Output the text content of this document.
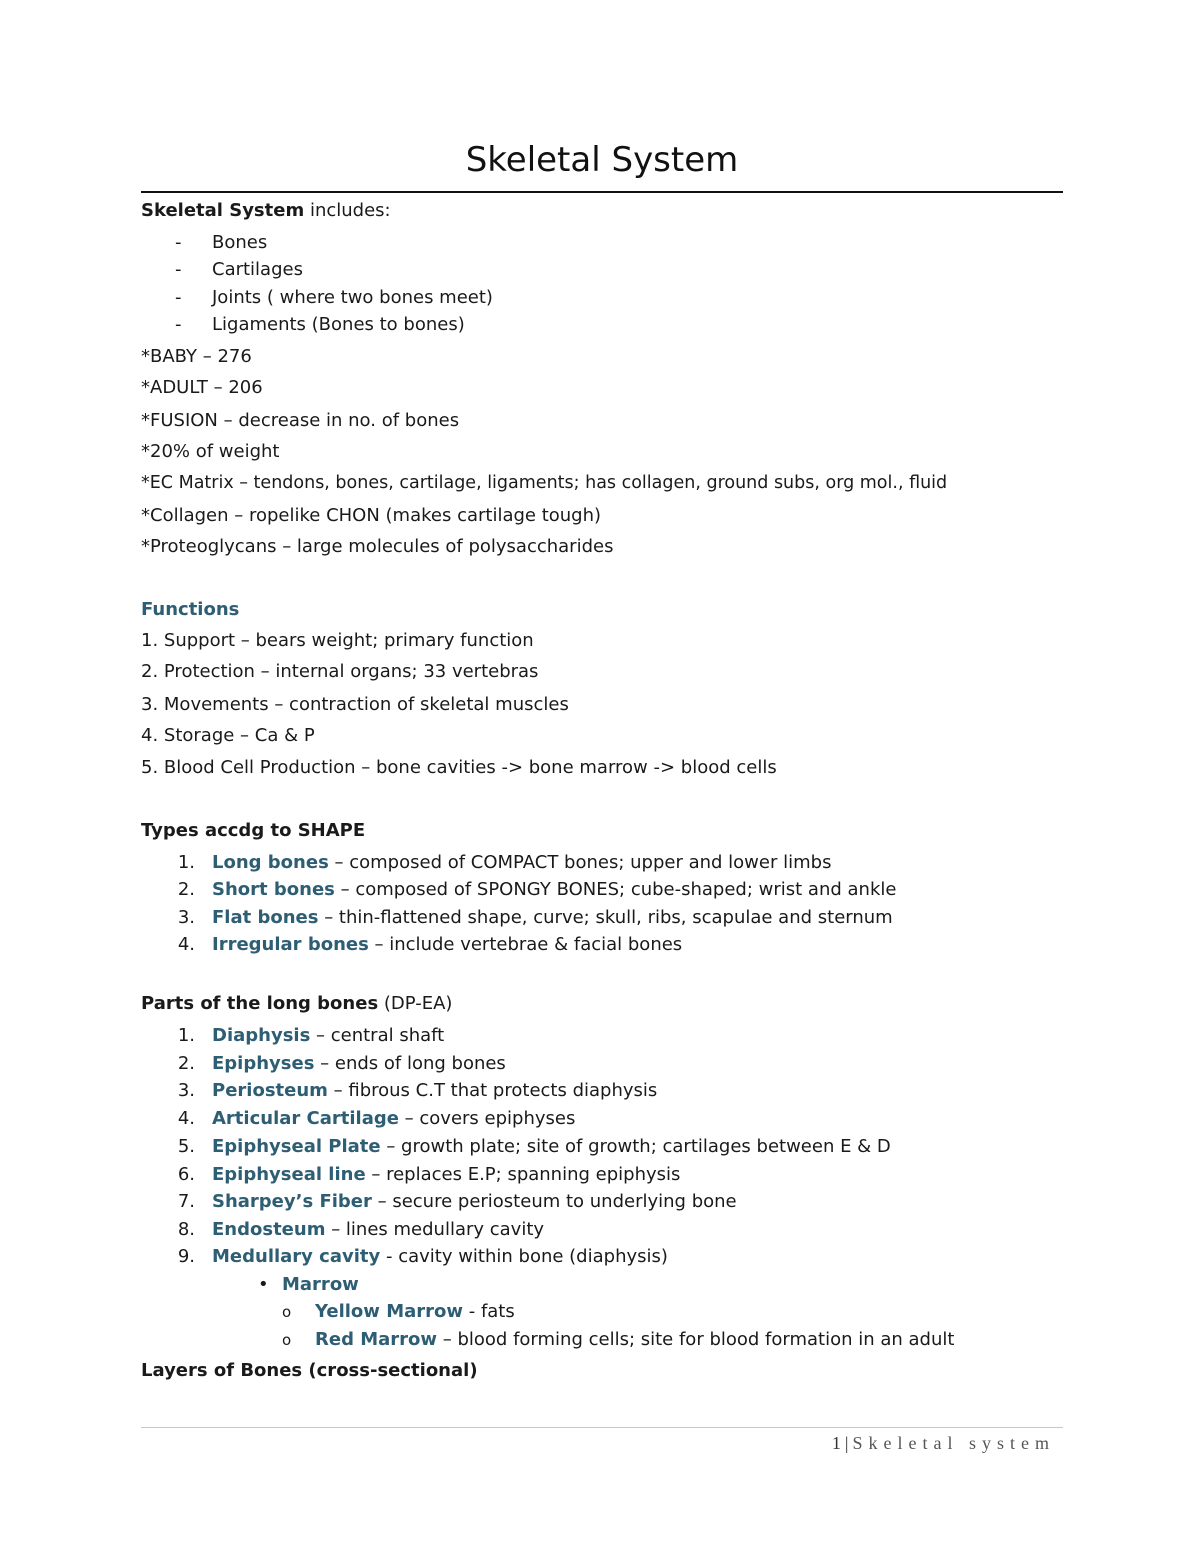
Skeletal System
Skeletal System includes:
- Bones
- Cartilages
- Joints ( where two bones meet)
- Ligaments (Bones to bones)
*BABY – 276
*ADULT – 206
*FUSION – decrease in no. of bones
*20% of weight
*EC Matrix – tendons, bones, cartilage, ligaments; has collagen, ground subs, org mol., fluid
*Collagen – ropelike CHON (makes cartilage tough)
*Proteoglycans – large molecules of polysaccharides
Functions
1. Support – bears weight; primary function
2. Protection – internal organs; 33 vertebras
3. Movements – contraction of skeletal muscles
4. Storage – Ca & P
5. Blood Cell Production – bone cavities -> bone marrow -> blood cells
Types accdg to SHAPE
1. Long bones – composed of COMPACT bones; upper and lower limbs
2. Short bones – composed of SPONGY BONES; cube-shaped; wrist and ankle
3. Flat bones – thin-flattened shape, curve; skull, ribs, scapulae and sternum
4. Irregular bones – include vertebrae & facial bones
Parts of the long bones (DP-EA)
1. Diaphysis – central shaft
2. Epiphyses – ends of long bones
3. Periosteum – fibrous C.T that protects diaphysis
4. Articular Cartilage – covers epiphyses
5. Epiphyseal Plate – growth plate; site of growth; cartilages between E & D
6. Epiphyseal line – replaces E.P; spanning epiphysis
7. Sharpey’s Fiber – secure periosteum to underlying bone
8. Endosteum – lines medullary cavity
9. Medullary cavity - cavity within bone (diaphysis)
• Marrow
o Yellow Marrow - fats
o Red Marrow – blood forming cells; site for blood formation in an adult
Layers of Bones (cross-sectional)
1 | Skeletal system
